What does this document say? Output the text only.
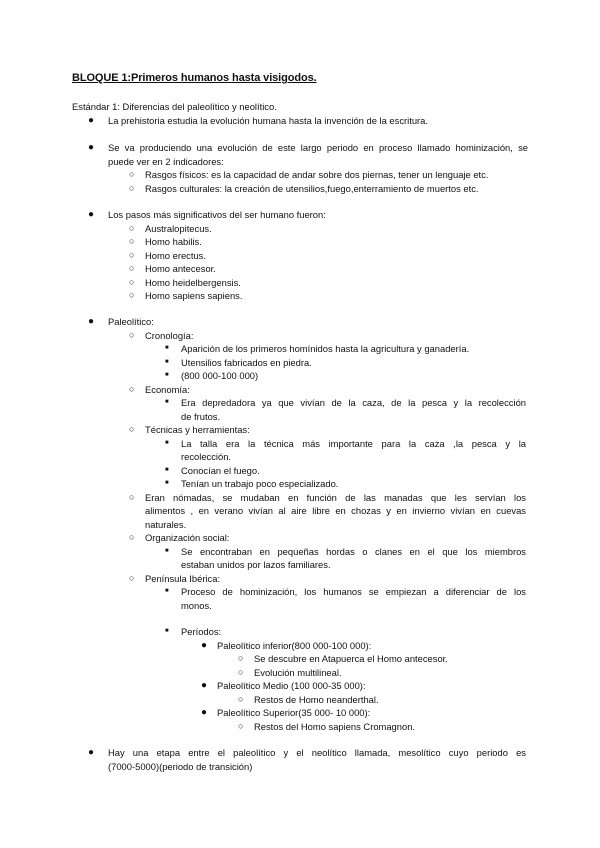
BLOQUE 1:Primeros humanos hasta visigodos.
Estándar 1: Diferencias del paleolítico y neolítico.
● La prehistoria estudia la evolución humana hasta la invención de la escritura.
● Se va produciendo una evolución de este largo periodo en proceso llamado hominización, se
puede ver en 2 indicadores:
○ Rasgos físicos: es la capacidad de andar sobre dos piernas, tener un lenguaje etc.
○ Rasgos culturales: la creación de utensilios,fuego,enterramiento de muertos etc.
● Los pasos más significativos del ser humano fueron:
○ Australopitecus.
○ Homo habilis.
○ Homo erectus.
○ Homo antecesor.
○ Homo heidelbergensis.
○ Homo sapiens sapiens.
● Paleolítico:
○ Cronología:
■ Aparición de los primeros homínidos hasta la agricultura y ganadería.
■ Utensilios fabricados en piedra.
■ (800 000-100 000)
○ Economía:
■ Era depredadora ya que vivían de la caza, de la pesca y la recolección
de frutos.
○ Técnicas y herramientas:
■ La talla era la técnica más importante para la caza ,la pesca y la
recolección.
■ Conocían el fuego.
■ Tenían un trabajo poco especializado.
○ Eran nómadas, se mudaban en función de las manadas que les servían los
alimentos , en verano vivían al aire libre en chozas y en invierno vivían en cuevas
naturales.
○ Organización social:
■ Se encontraban en pequeñas hordas o clanes en el que los miembros
estaban unidos por lazos familiares.
○ Península Ibérica:
■ Proceso de hominización, los humanos se empiezan a diferenciar de los
monos.
■ Períodos:
● Paleolítico inferior(800 000-100 000):
○ Se descubre en Atapuerca el Homo antecesor.
○ Evolución multilineal.
● Paleolítico Medio (100 000-35 000):
○ Restos de Homo neanderthal.
● Paleolítico Superior(35 000- 10 000):
○ Restos del Homo sapiens Cromagnon.
● Hay una etapa entre el paleolítico y el neolítico llamada, mesolítico cuyo periodo es
(7000-5000)(periodo de transición)
